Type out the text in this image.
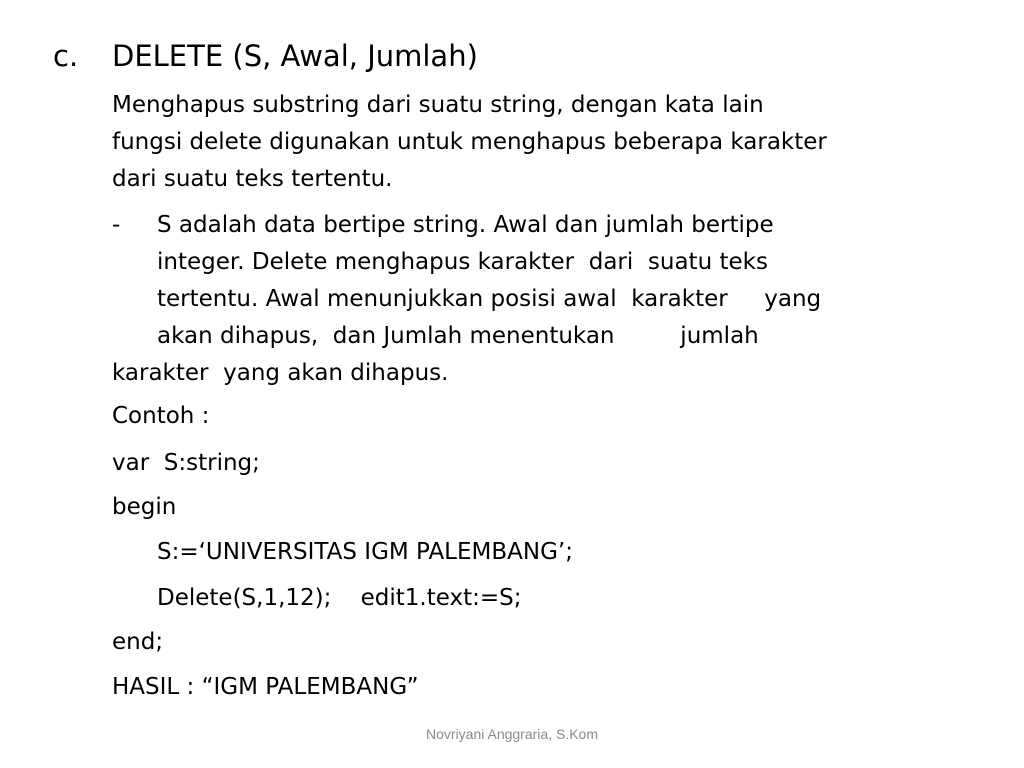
c. DELETE (S, Awal, Jumlah)
Menghapus substring dari suatu string, dengan kata lain
fungsi delete digunakan untuk menghapus beberapa karakter
dari suatu teks tertentu.
- S adalah data bertipe string. Awal dan jumlah bertipe
integer. Delete menghapus karakter  dari  suatu teks
tertentu. Awal menunjukkan posisi awal  karakter     yang
akan dihapus,  dan Jumlah menentukan         jumlah
karakter  yang akan dihapus.
Contoh :
var  S:string;
begin
S:=‘UNIVERSITAS IGM PALEMBANG’;
Delete(S,1,12);    edit1.text:=S;
end;
HASIL : “IGM PALEMBANG”
Novriyani Anggraria, S.Kom
